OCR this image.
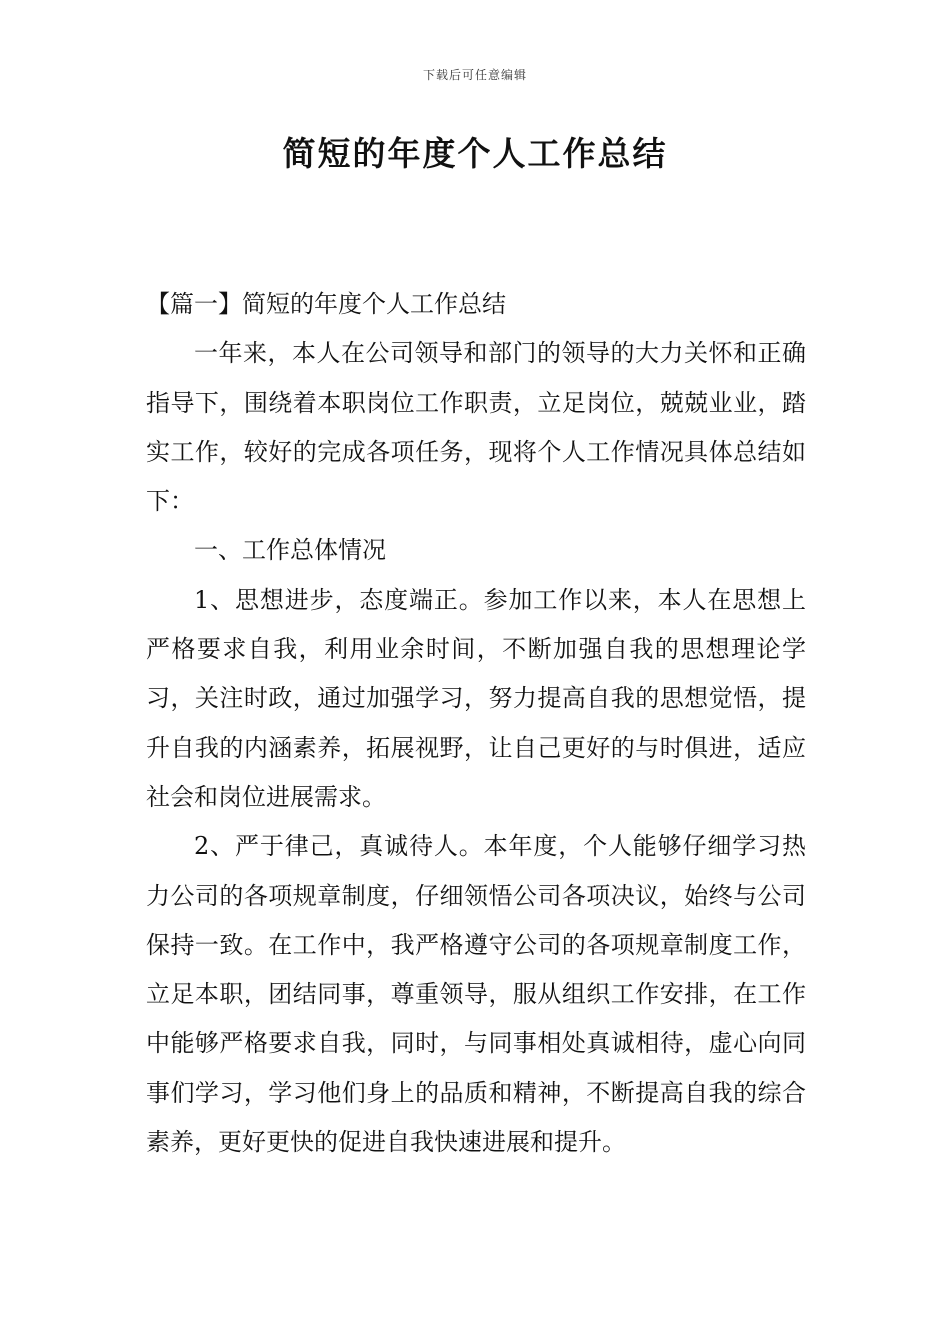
下载后可任意编辑
简短的年度个人工作总结

【篇一】简短的年度个人工作总结

一年来，本人在公司领导和部门的领导的大力关怀和正确指导下，围绕着本职岗位工作职责，立足岗位，兢兢业业，踏实工作，较好的完成各项任务，现将个人工作情况具体总结如下：

一、工作总体情况

1、思想进步，态度端正。参加工作以来，本人在思想上严格要求自我，利用业余时间，不断加强自我的思想理论学习，关注时政，通过加强学习，努力提高自我的思想觉悟，提升自我的内涵素养，拓展视野，让自己更好的与时俱进，适应社会和岗位进展需求。

2、严于律己，真诚待人。本年度，个人能够仔细学习热力公司的各项规章制度，仔细领悟公司各项决议，始终与公司保持一致。在工作中，我严格遵守公司的各项规章制度工作，立足本职，团结同事，尊重领导，服从组织工作安排，在工作中能够严格要求自我，同时，与同事相处真诚相待，虚心向同事们学习，学习他们身上的品质和精神，不断提高自我的综合素养，更好更快的促进自我快速进展和提升。
